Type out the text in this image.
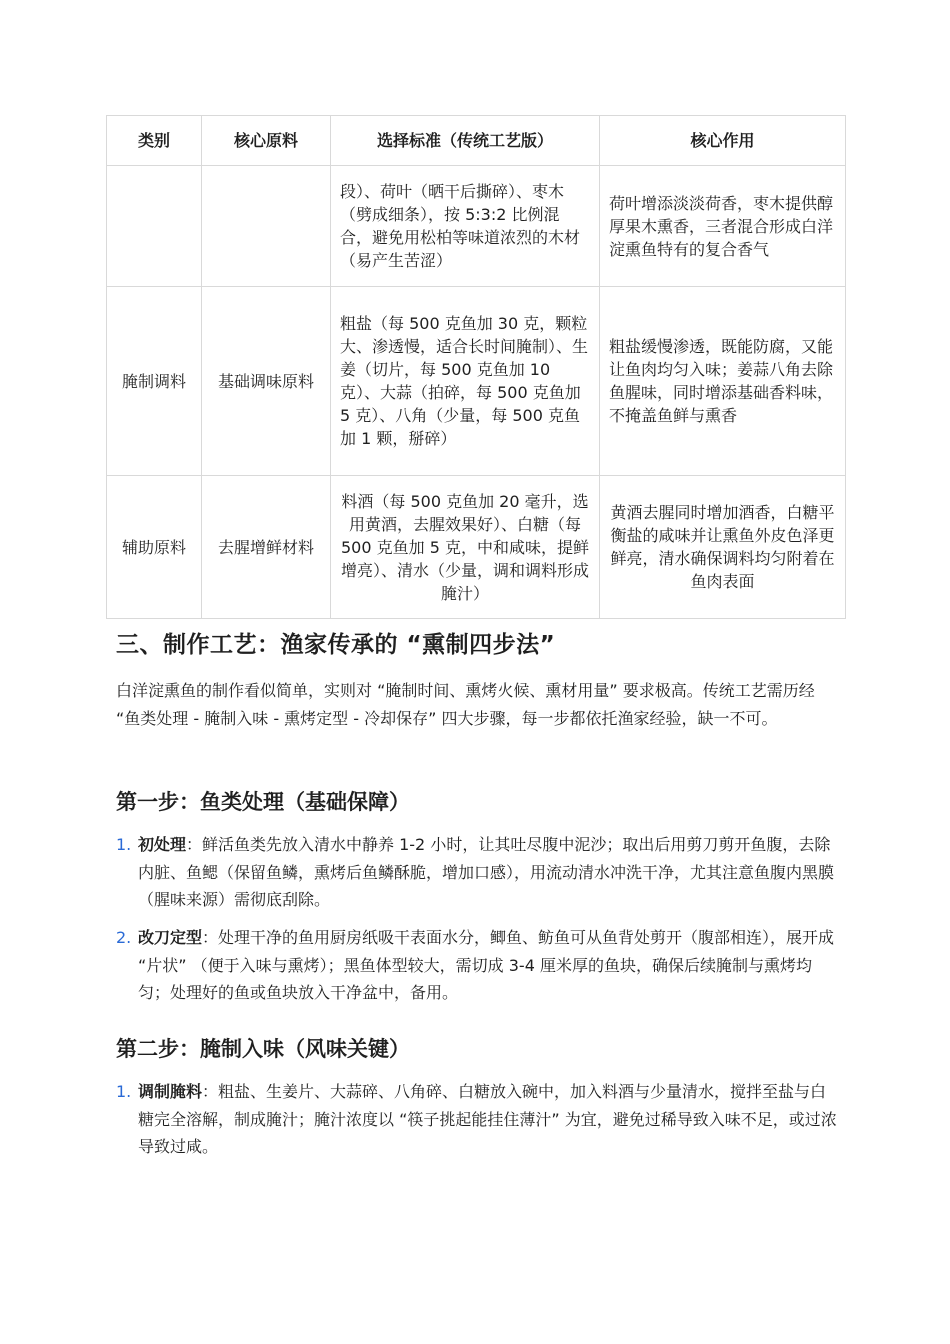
类别	核心原料	选择标准（传统工艺版）	核心作用
		段）、荷叶（晒干后撕碎）、枣木（劈成细条），按 5:3:2 比例混合，避免用松柏等味道浓烈的木材（易产生苦涩）	荷叶增添淡淡荷香，枣木提供醇厚果木熏香，三者混合形成白洋淀熏鱼特有的复合香气
腌制调料	基础调味原料	粗盐（每 500 克鱼加 30 克，颗粒大、渗透慢，适合长时间腌制）、生姜（切片，每 500 克鱼加 10 克）、大蒜（拍碎，每 500 克鱼加 5 克）、八角（少量，每 500 克鱼加 1 颗，掰碎）	粗盐缓慢渗透，既能防腐，又能让鱼肉均匀入味；姜蒜八角去除鱼腥味，同时增添基础香料味，不掩盖鱼鲜与熏香
辅助原料	去腥增鲜材料	料酒（每 500 克鱼加 20 毫升，选用黄酒，去腥效果好）、白糖（每 500 克鱼加 5 克，中和咸味，提鲜增亮）、清水（少量，调和调料形成腌汁）	黄酒去腥同时增加酒香，白糖平衡盐的咸味并让熏鱼外皮色泽更鲜亮，清水确保调料均匀附着在鱼肉表面
三、制作工艺：渔家传承的 “熏制四步法”

白洋淀熏鱼的制作看似简单，实则对 “腌制时间、熏烤火候、熏材用量” 要求极高。传统工艺需历经 “鱼类处理 - 腌制入味 - 熏烤定型 - 冷却保存” 四大步骤，每一步都依托渔家经验，缺一不可。

第一步：鱼类处理（基础保障）
1. 初处理：鲜活鱼类先放入清水中静养 1-2 小时，让其吐尽腹中泥沙；取出后用剪刀剪开鱼腹，去除内脏、鱼鳃（保留鱼鳞，熏烤后鱼鳞酥脆，增加口感），用流动清水冲洗干净，尤其注意鱼腹内黑膜（腥味来源）需彻底刮除。
2. 改刀定型：处理干净的鱼用厨房纸吸干表面水分，鲫鱼、鲂鱼可从鱼背处剪开（腹部相连），展开成 “片状” （便于入味与熏烤）；黑鱼体型较大，需切成 3-4 厘米厚的鱼块，确保后续腌制与熏烤均匀；处理好的鱼或鱼块放入干净盆中，备用。
第二步：腌制入味（风味关键）
1. 调制腌料：粗盐、生姜片、大蒜碎、八角碎、白糖放入碗中，加入料酒与少量清水，搅拌至盐与白糖完全溶解，制成腌汁；腌汁浓度以 “筷子挑起能挂住薄汁” 为宜，避免过稀导致入味不足，或过浓导致过咸。
